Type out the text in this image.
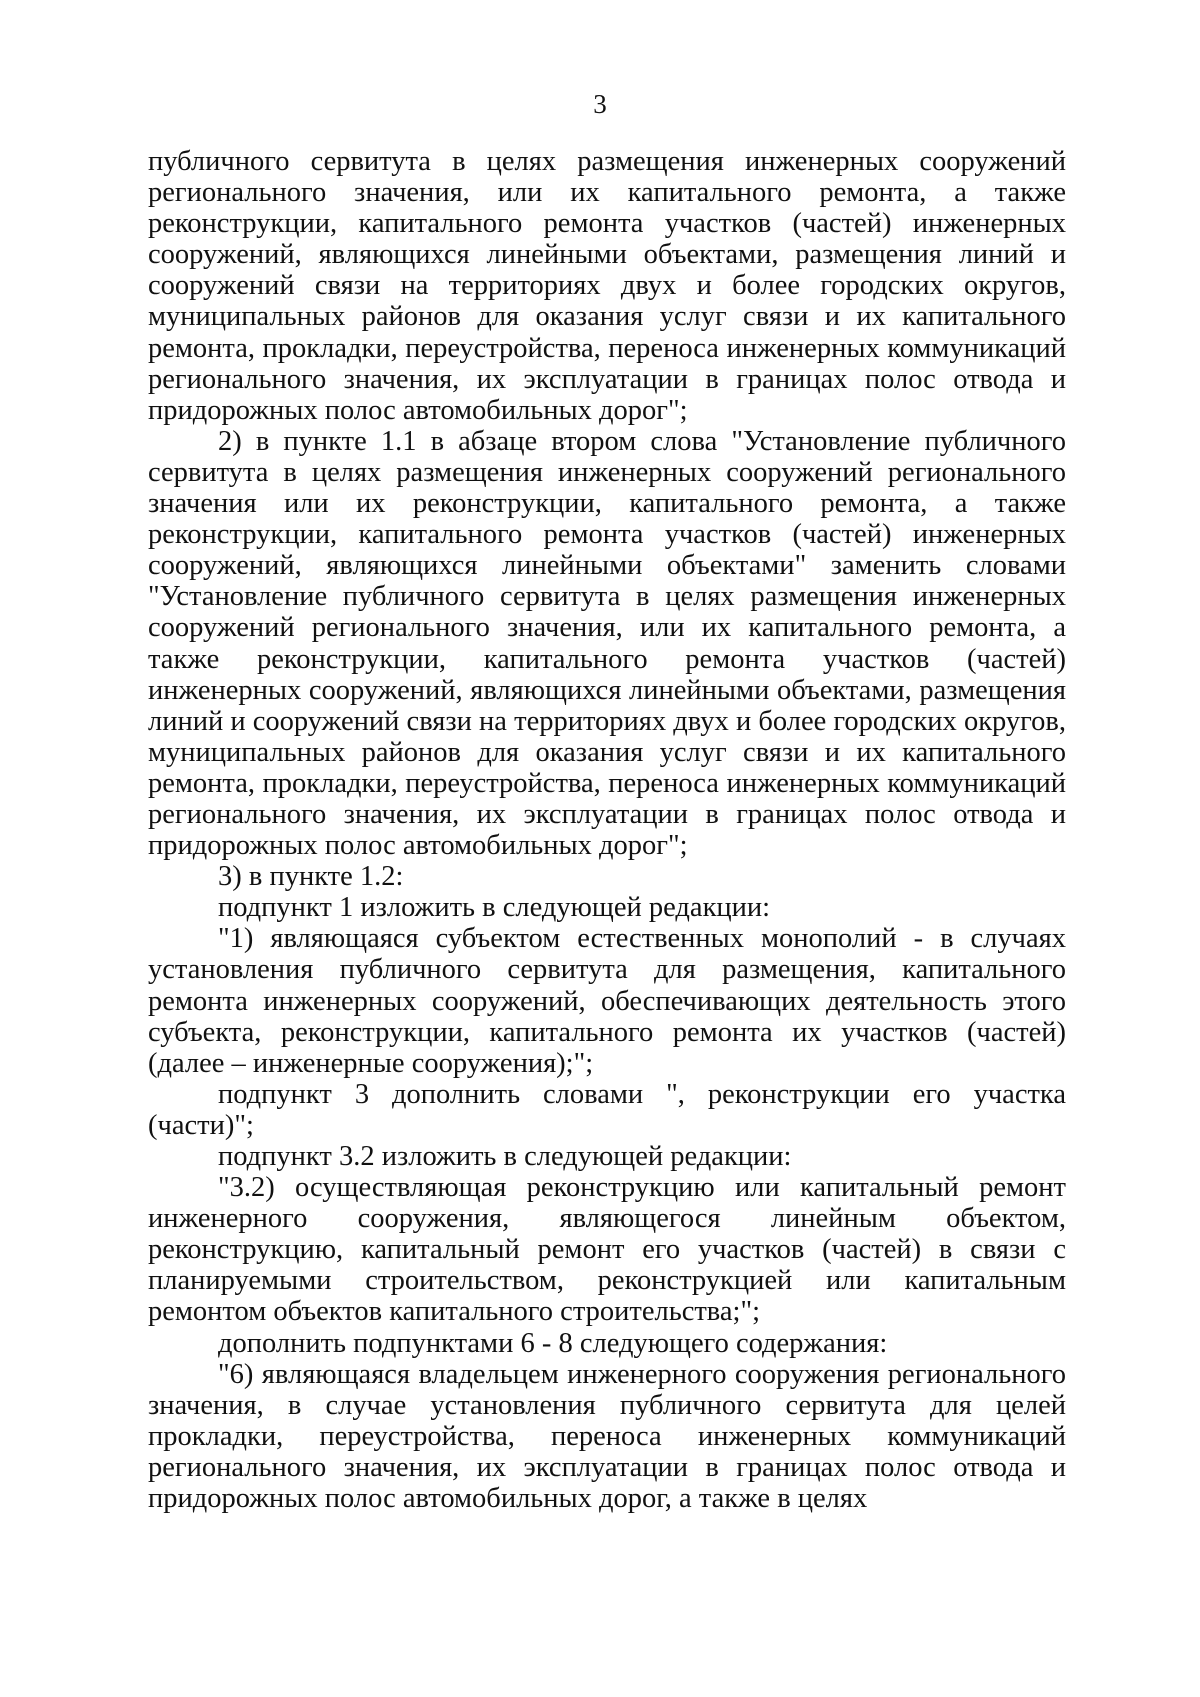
3

публичного сервитута в целях размещения инженерных сооружений регионального значения, или их капитального ремонта, а также реконструкции, капитального ремонта участков (частей) инженерных сооружений, являющихся линейными объектами, размещения линий и сооружений связи на территориях двух и более городских округов, муниципальных районов для оказания услуг связи и их капитального ремонта, прокладки, переустройства, переноса инженерных коммуникаций регионального значения, их эксплуатации в границах полос отвода и придорожных полос автомобильных дорог";

2) в пункте 1.1 в абзаце втором слова "Установление публичного сервитута в целях размещения инженерных сооружений регионального значения или их реконструкции, капитального ремонта, а также реконструкции, капитального ремонта участков (частей) инженерных сооружений, являющихся линейными объектами" заменить словами "Установление публичного сервитута в целях размещения инженерных сооружений регионального значения, или их капитального ремонта, а также реконструкции, капитального ремонта участков (частей) инженерных сооружений, являющихся линейными объектами, размещения линий и сооружений связи на территориях двух и более городских округов, муниципальных районов для оказания услуг связи и их капитального ремонта, прокладки, переустройства, переноса инженерных коммуникаций регионального значения, их эксплуатации в границах полос отвода и придорожных полос автомобильных дорог";

3) в пункте 1.2:

подпункт 1 изложить в следующей редакции:

"1) являющаяся субъектом естественных монополий - в случаях установления публичного сервитута для размещения, капитального ремонта инженерных сооружений, обеспечивающих деятельность этого субъекта, реконструкции, капитального ремонта их участков (частей) (далее – инженерные сооружения);";

подпункт 3 дополнить словами ", реконструкции его участка (части)";

подпункт 3.2 изложить в следующей редакции:

"3.2) осуществляющая реконструкцию или капитальный ремонт инженерного сооружения, являющегося линейным объектом, реконструкцию, капитальный ремонт его участков (частей) в связи с планируемыми строительством, реконструкцией или капитальным ремонтом объектов капитального строительства;";

дополнить подпунктами 6 - 8 следующего содержания:

"6) являющаяся владельцем инженерного сооружения регионального значения, в случае установления публичного сервитута для целей прокладки, переустройства, переноса инженерных коммуникаций регионального значения, их эксплуатации в границах полос отвода и придорожных полос автомобильных дорог, а также в целях
